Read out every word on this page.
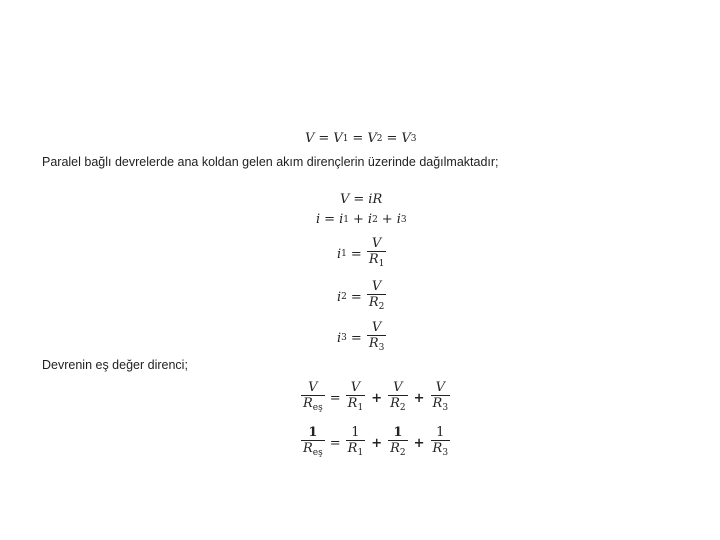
V = V 1 = V 2 = V 3
Paralel bağlı devrelerde ana koldan gelen akım dirençlerin üzerinde dağılmaktadır;
V = iR
i = i 1 + i 2 + i 3
i $1 = \frac{V}{R_1}$
i $2 = \frac{V}{R_2}$
i $3 = \frac{V}{R_3}$
Devrenin eş değer direnci;
$\frac{V}{R_{eş}} = \frac{V}{R_1} + \frac{V}{R_2} + \frac{V}{R_3}$
$\frac{1}{R_{eş}} = \frac{1}{R_1} + \frac{1}{R_2} + \frac{1}{R_3}$
